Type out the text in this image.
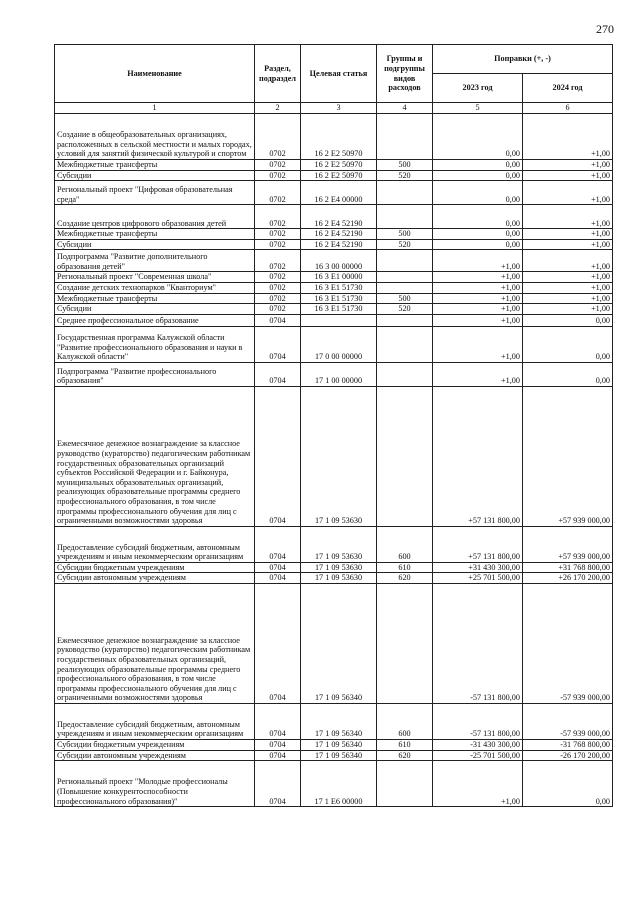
270
Наименование	Раздел, подраздел	Целевая статья	Группы и подгруппы видов расходов	Поправки (+, -)	
				2023 год	2024 год
1	2	3	4	5	6
Создание в общеобразовательных организациях, расположенных в сельской местности и малых городах, условий для занятий физической культурой и спортом	0702	16 2 E2 50970		0,00	+1,00
Межбюджетные трансферты	0702	16 2 E2 50970	500	0,00	+1,00
Субсидии	0702	16 2 E2 50970	520	0,00	+1,00
Региональный проект "Цифровая образовательная среда"	0702	16 2 E4 00000		0,00	+1,00
Создание центров цифрового образования детей	0702	16 2 E4 52190		0,00	+1,00
Межбюджетные трансферты	0702	16 2 E4 52190	500	0,00	+1,00
Субсидии	0702	16 2 E4 52190	520	0,00	+1,00
Подпрограмма "Развитие дополнительного образования детей"	0702	16 3 00 00000		+1,00	+1,00
Региональный проект "Современная школа"	0702	16 3 E1 00000		+1,00	+1,00
Создание детских технопарков "Кванториум"	0702	16 3 E1 51730		+1,00	+1,00
Межбюджетные трансферты	0702	16 3 E1 51730	500	+1,00	+1,00
Субсидии	0702	16 3 E1 51730	520	+1,00	+1,00
Среднее профессиональное образование	0704			+1,00	0,00
Государственная программа Калужской области "Развитие профессионального образования и науки в Калужской области"	0704	17 0 00 00000		+1,00	0,00
Подпрограмма "Развитие профессионального образования"	0704	17 1 00 00000		+1,00	0,00
Ежемесячное денежное вознаграждение за классное руководство (кураторство) педагогическим работникам государственных образовательных организаций субъектов Российской Федерации и г. Байконура, муниципальных образовательных организаций, реализующих образовательные программы среднего профессионального образования, в том числе программы профессионального обучения для лиц с ограниченными возможностями здоровья	0704	17 1 09 53630		+57 131 800,00	+57 939 000,00
Предоставление субсидий бюджетным, автономным учреждениям и иным некоммерческим организациям	0704	17 1 09 53630	600	+57 131 800,00	+57 939 000,00
Субсидии бюджетным учреждениям	0704	17 1 09 53630	610	+31 430 300,00	+31 768 800,00
Субсидии автономным учреждениям	0704	17 1 09 53630	620	+25 701 500,00	+26 170 200,00
Ежемесячное денежное вознаграждение за классное руководство (кураторство) педагогическим работникам государственных образовательных организаций, реализующих образовательные программы среднего профессионального образования, в том числе программы профессионального обучения для лиц с ограниченными возможностями здоровья	0704	17 1 09 56340		-57 131 800,00	-57 939 000,00
Предоставление субсидий бюджетным, автономным учреждениям и иным некоммерческим организациям	0704	17 1 09 56340	600	-57 131 800,00	-57 939 000,00
Субсидии бюджетным учреждениям	0704	17 1 09 56340	610	-31 430 300,00	-31 768 800,00
Субсидии автономным учреждениям	0704	17 1 09 56340	620	-25 701 500,00	-26 170 200,00
Региональный проект "Молодые профессионалы (Повышение конкурентоспособности профессионального образования)"	0704	17 1 E6 00000		+1,00	0,00
